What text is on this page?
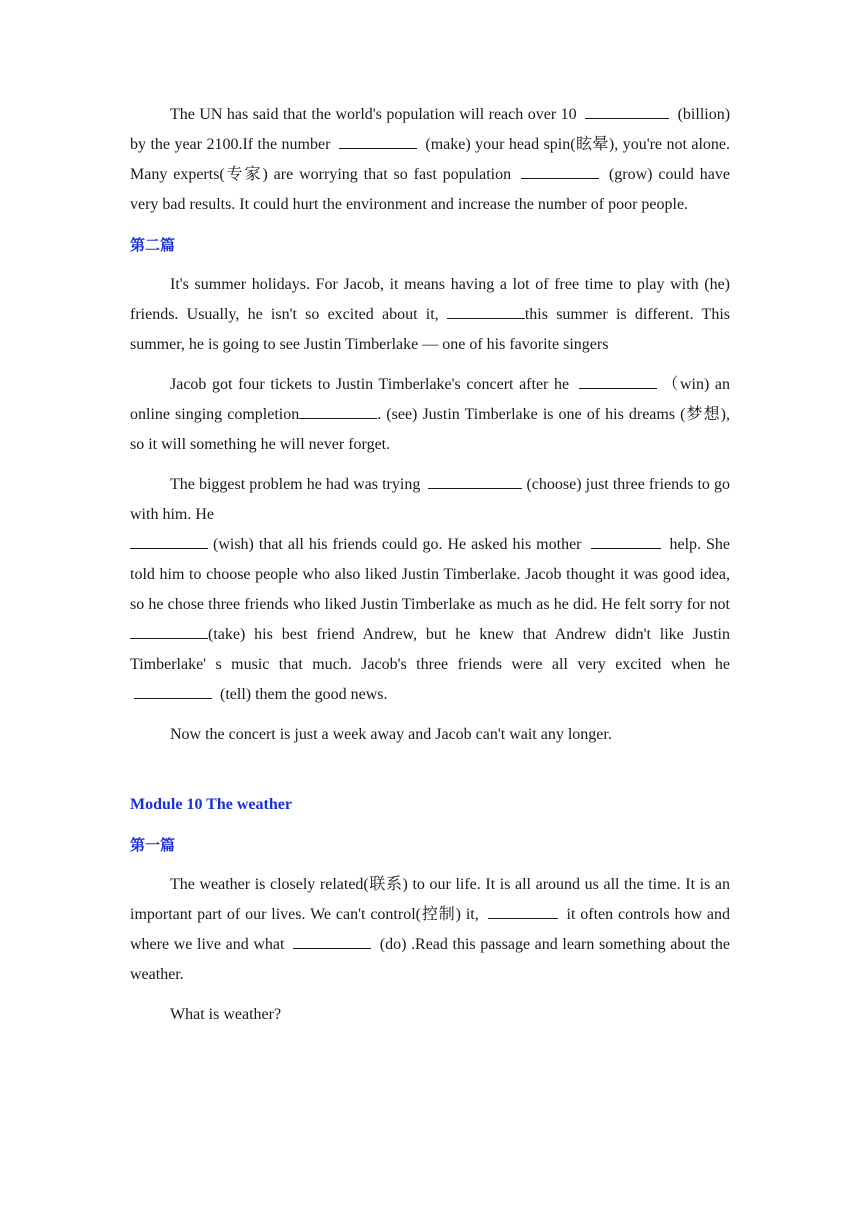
The UN has said that the world's population will reach over 10	(billion) by the year 2100.If the number	(make) your head spin(眩晕), you're not alone. Many experts(专家) are worrying that so fast population	(grow) could have very bad results. It could hurt the environment and increase the number of poor people.

第二篇

It's summer holidays. For Jacob, it means having a lot of free time to play with (he) friends. Usually, he isn't so excited about it,	this summer is different. This summer, he is going to see Justin Timberlake — one of his favorite singers

Jacob got four tickets to Justin Timberlake's concert after he	（win) an online singing completion	. (see) Justin Timberlake is one of his dreams (梦想), so it will something he will never forget.

The biggest problem he had was trying	(choose) just three friends to go with him. He
(wish) that all his friends could go. He asked his mother	help. She told him to choose people who also liked Justin Timberlake. Jacob thought it was good idea, so he chose three friends who liked Justin Timberlake as much as he did. He felt sorry for not(take) his best friend Andrew, but he knew that Andrew didn't like Justin Timberlake' s music that much. Jacob's three friends were all very excited when he  (tell) them the good news.

Now the concert is just a week away and Jacob can't wait any longer.

Module 10 The weather
第一篇

The weather is closely related(联系) to our life. It is all around us all the time. It is an important part of our lives. We can't control(控制) it,	it often controls how and where we live and what	(do) .Read this passage and learn something about the weather.

What is weather?
